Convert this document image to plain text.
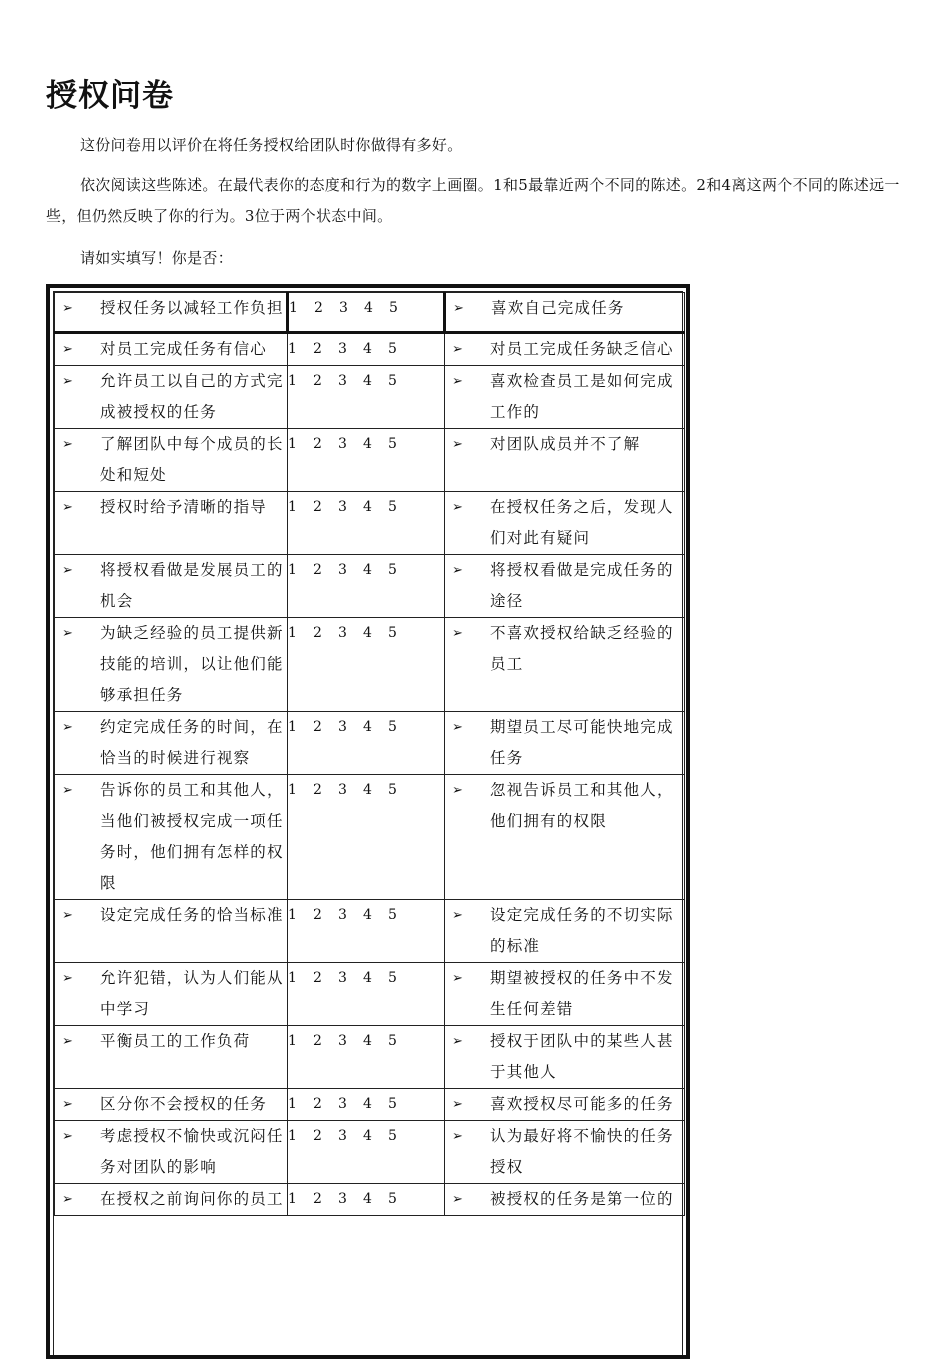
授权问卷

这份问卷用以评价在将任务授权给团队时你做得有多好。

依次阅读这些陈述。在最代表你的态度和行为的数字上画圈。1和5最靠近两个不同的陈述。2和4离这两个不同的陈述远一些，但仍然反映了你的行为。3位于两个状态中间。

请如实填写！你是否：

➢ 授权任务以减轻工作负担	1 2 3 4 5	➢ 喜欢自己完成任务

➢ 对员工完成任务有信心	1 2 3 4 5	➢ 对员工完成任务缺乏信心

➢ 允许员工以自己的方式完成被授权的任务	1 2 3 4 5	➢ 喜欢检查员工是如何完成工作的

➢ 了解团队中每个成员的长处和短处	1 2 3 4 5	➢ 对团队成员并不了解

➢ 授权时给予清晰的指导	1 2 3 4 5	➢ 在授权任务之后，发现人们对此有疑问

➢ 将授权看做是发展员工的机会	1 2 3 4 5	➢ 将授权看做是完成任务的途径

➢ 为缺乏经验的员工提供新技能的培训，以让他们能够承担任务	1 2 3 4 5	➢ 不喜欢授权给缺乏经验的员工

➢ 约定完成任务的时间，在恰当的时候进行视察	1 2 3 4 5	➢ 期望员工尽可能快地完成任务

➢ 告诉你的员工和其他人，当他们被授权完成一项任务时，他们拥有怎样的权限	1 2 3 4 5	➢ 忽视告诉员工和其他人，他们拥有的权限

➢ 设定完成任务的恰当标准	1 2 3 4 5	➢ 设定完成任务的不切实际的标准

➢ 允许犯错，认为人们能从中学习	1 2 3 4 5	➢ 期望被授权的任务中不发生任何差错

➢ 平衡员工的工作负荷	1 2 3 4 5	➢ 授权于团队中的某些人甚于其他人

➢ 区分你不会授权的任务	1 2 3 4 5	➢ 喜欢授权尽可能多的任务

➢ 考虑授权不愉快或沉闷任务对团队的影响	1 2 3 4 5	➢ 认为最好将不愉快的任务授权

➢ 在授权之前询问你的员工	1 2 3 4 5	➢ 被授权的任务是第一位的
